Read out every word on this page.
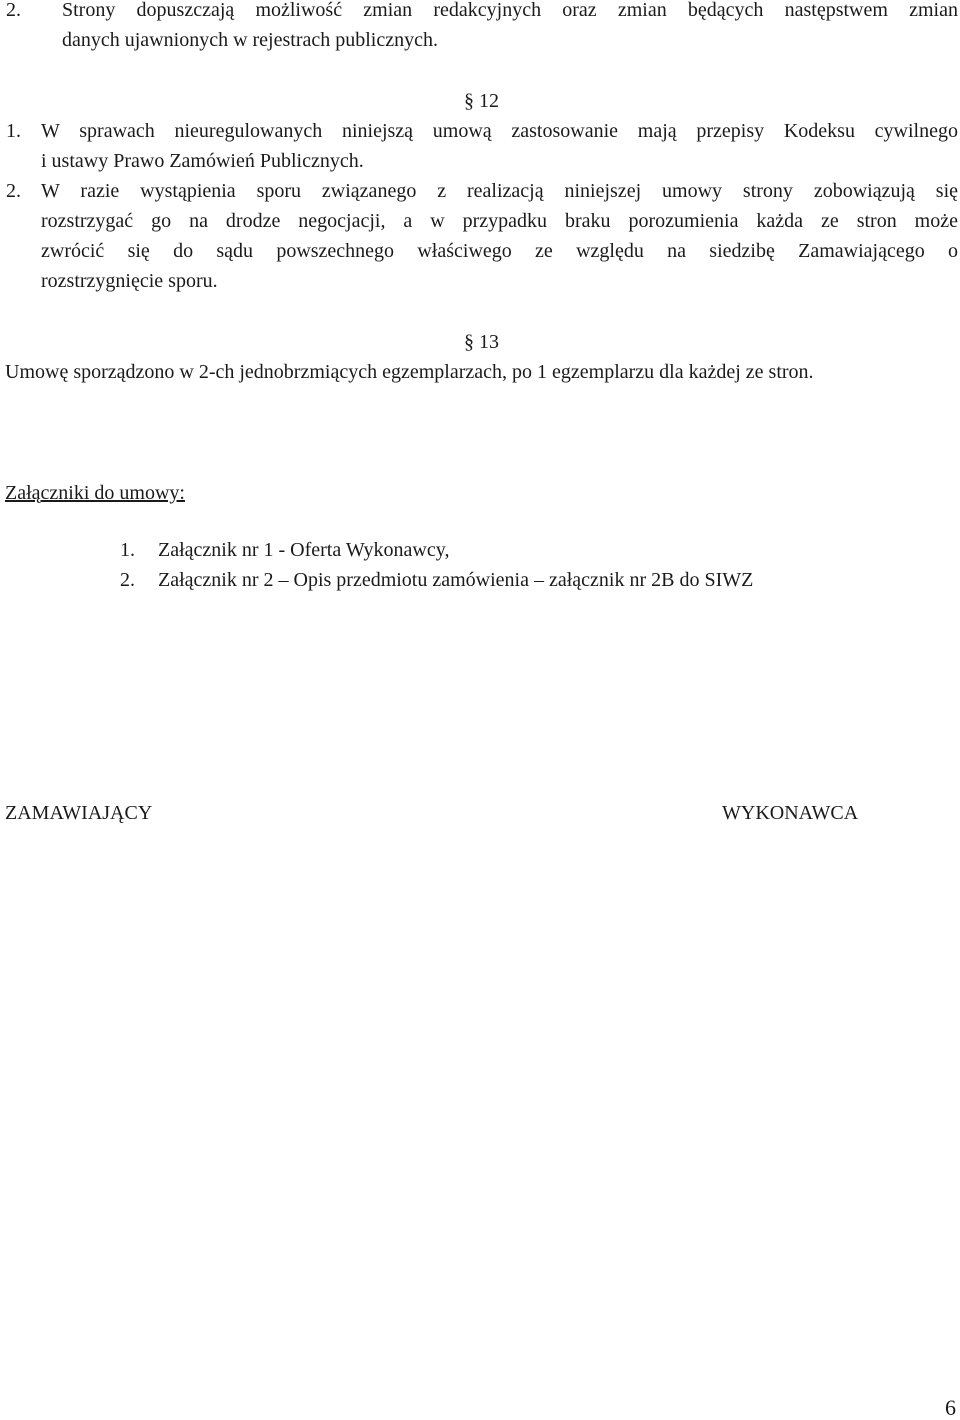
2. Strony dopuszczają możliwość zmian redakcyjnych oraz zmian będących następstwem zmian
danych ujawnionych w rejestrach publicznych.
§ 12
1. W sprawach nieuregulowanych niniejszą umową zastosowanie mają przepisy Kodeksu cywilnego
i ustawy Prawo Zamówień Publicznych.
2. W razie wystąpienia sporu związanego z realizacją niniejszej umowy strony zobowiązują się
rozstrzygać go na drodze negocjacji, a w przypadku braku porozumienia każda ze stron może
zwrócić się do sądu powszechnego właściwego ze względu na siedzibę Zamawiającego o
rozstrzygnięcie sporu.
§ 13
Umowę sporządzono w 2-ch jednobrzmiących egzemplarzach, po 1 egzemplarzu dla każdej ze stron.
Załączniki do umowy:
1. Załącznik nr 1 - Oferta Wykonawcy,
2. Załącznik nr 2 – Opis przedmiotu zamówienia – załącznik nr 2B do SIWZ
ZAMAWIAJĄCY	WYKONAWCA
6
